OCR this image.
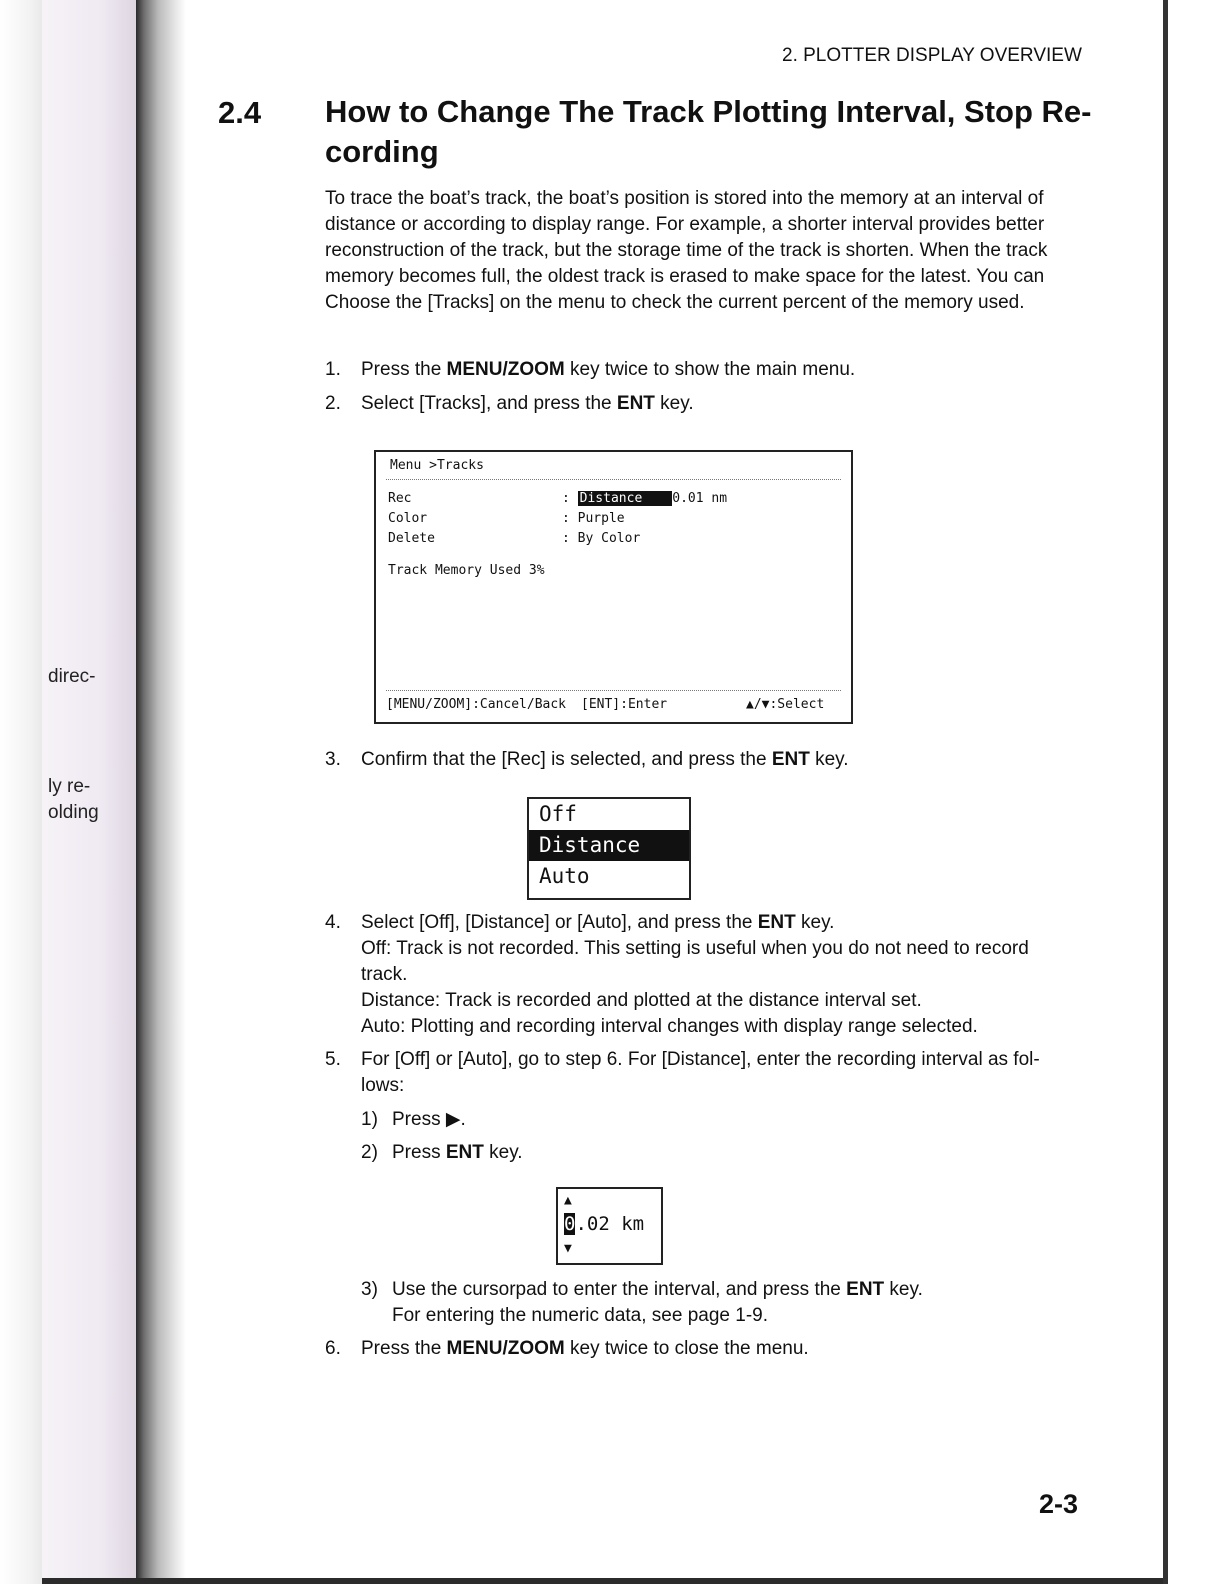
direc-
ly re-
olding
2. PLOTTER DISPLAY OVERVIEW
2.4 How to Change The Track Plotting Interval, Stop Re-cording

To trace the boat’s track, the boat’s position is stored into the memory at an interval of distance or according to display range. For example, a shorter interval provides better reconstruction of the track, but the storage time of the track is shorten. When the track memory becomes full, the oldest track is erased to make space for the latest. You can Choose the [Tracks] on the menu to check the current percent of the memory used.

1. Press the MENU/ZOOM key twice to show the main menu.
2. Select [Tracks], and press the ENT key.
Menu >Tracks
Rec	: Distance 0.01 nm
Color	: Purple
Delete	: By Color
Track Memory Used 3%
[MENU/ZOOM]:Cancel/Back [ENT]:Enter	▲/▼:Select
3. Confirm that the [Rec] is selected, and press the ENT key.
Off
Distance
Auto
4. Select [Off], [Distance] or [Auto], and press the ENT key.
Off: Track is not recorded. This setting is useful when you do not need to record
track.
Distance: Track is recorded and plotted at the distance interval set.
Auto: Plotting and recording interval changes with display range selected.
5. For [Off] or [Auto], go to step 6. For [Distance], enter the recording interval as fol-
lows:
1) Press ▶.
2) Press ENT key.
▲
0.02 km
▼
3) Use the cursorpad to enter the interval, and press the ENT key.
For entering the numeric data, see page 1-9.
6. Press the MENU/ZOOM key twice to close the menu.
2-3
